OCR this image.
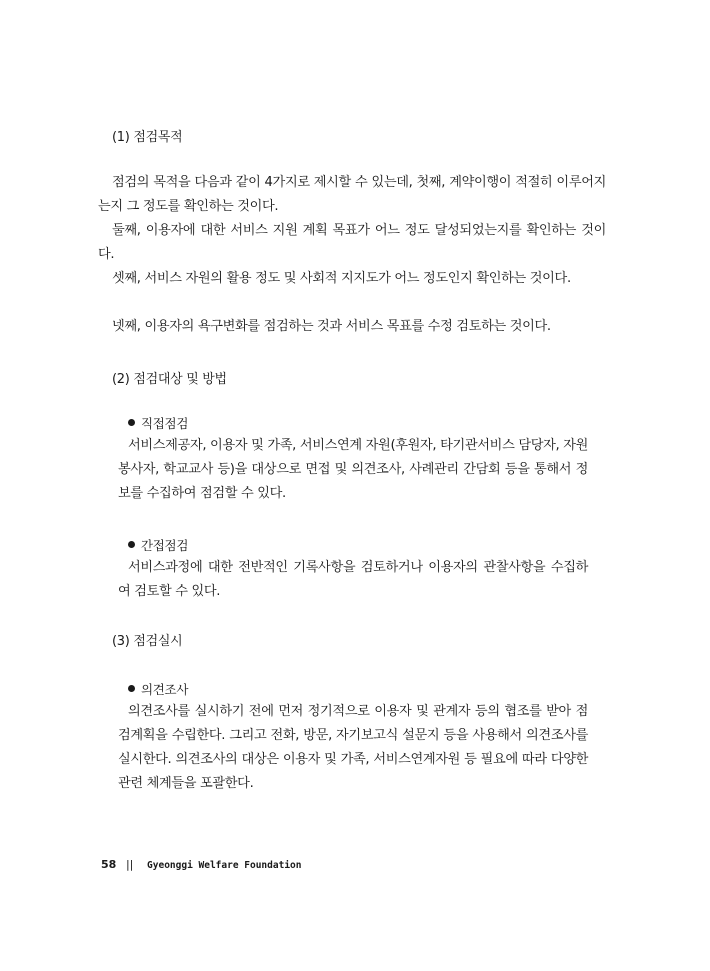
(1) 점검목적

점검의 목적을 다음과 같이 4가지로 제시할 수 있는데, 첫째, 계약이행이 적절히 이루어지는지 그 정도를 확인하는 것이다.

둘째, 이용자에 대한 서비스 지원 계획 목표가 어느 정도 달성되었는지를 확인하는 것이다.

셋째, 서비스 자원의 활용 정도 및 사회적 지지도가 어느 정도인지 확인하는 것이다.

넷째, 이용자의 욕구변화를 점검하는 것과 서비스 목표를 수정 검토하는 것이다.

(2) 점검대상 및 방법
직접점검

서비스제공자, 이용자 및 가족, 서비스연계 자원(후원자, 타기관서비스 담당자, 자원봉사자, 학교교사 등)을 대상으로 면접 및 의견조사, 사례관리 간담회 등을 통해서 정보를 수집하여 점검할 수 있다.

간접점검

서비스과정에 대한 전반적인 기록사항을 검토하거나 이용자의 관찰사항을 수집하여 검토할 수 있다.

(3) 점검실시
의견조사

의견조사를 실시하기 전에 먼저 정기적으로 이용자 및 관계자 등의 협조를 받아 점검계획을 수립한다. 그리고 전화, 방문, 자기보고식 설문지 등을 사용해서 의견조사를 실시한다. 의견조사의 대상은 이용자 및 가족, 서비스연계자원 등 필요에 따라 다양한 관련 체계들을 포괄한다.

58 || Gyeonggi Welfare Foundation
